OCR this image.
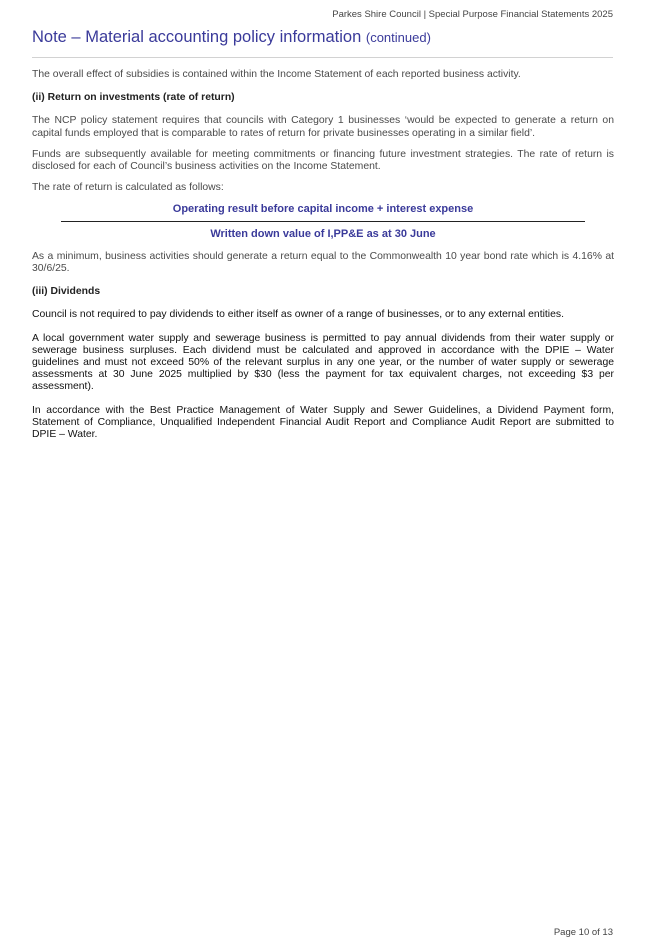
Parkes Shire Council | Special Purpose Financial Statements 2025
Note – Material accounting policy information (continued)

The overall effect of subsidies is contained within the Income Statement of each reported business activity.

(ii) Return on investments (rate of return)

The NCP policy statement requires that councils with Category 1 businesses ‘would be expected to generate a return on capital funds employed that is comparable to rates of return for private businesses operating in a similar field’.

Funds are subsequently available for meeting commitments or financing future investment strategies. The rate of return is disclosed for each of Council’s business activities on the Income Statement.

The rate of return is calculated as follows:

Operating result before capital income + interest expense
Written down value of I,PP&E as at 30 June

As a minimum, business activities should generate a return equal to the Commonwealth 10 year bond rate which is 4.16% at 30/6/25.

(iii) Dividends

Council is not required to pay dividends to either itself as owner of a range of businesses, or to any external entities.

A local government water supply and sewerage business is permitted to pay annual dividends from their water supply or sewerage business surpluses. Each dividend must be calculated and approved in accordance with the DPIE – Water guidelines and must not exceed 50% of the relevant surplus in any one year, or the number of water supply or sewerage assessments at 30 June 2025 multiplied by $30 (less the payment for tax equivalent charges, not exceeding $3 per assessment).

In accordance with the Best Practice Management of Water Supply and Sewer Guidelines, a Dividend Payment form, Statement of Compliance, Unqualified Independent Financial Audit Report and Compliance Audit Report are submitted to DPIE – Water.

Page 10 of 13
